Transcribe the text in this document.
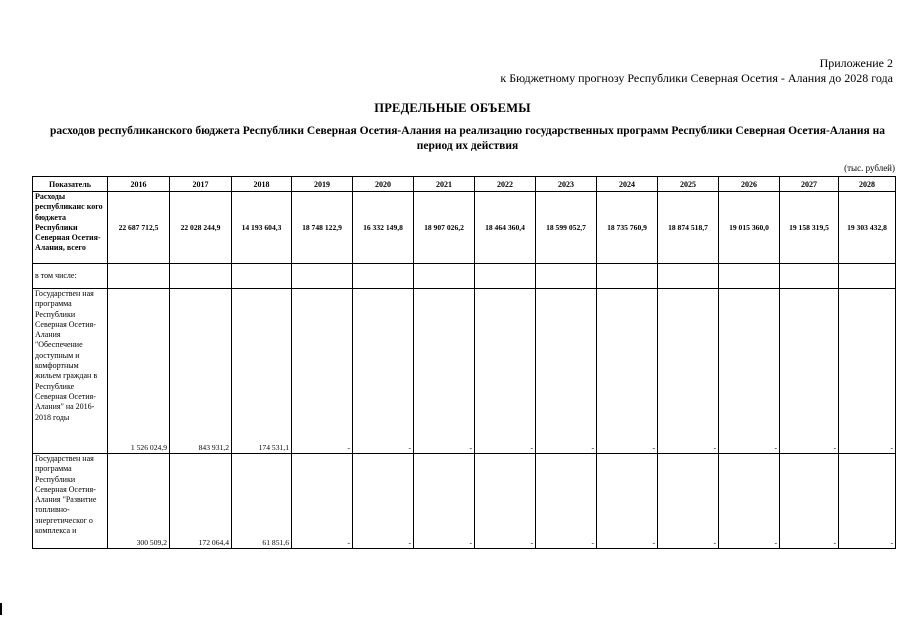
Приложение 2
к Бюджетному прогнозу Республики Северная Осетия - Алания до 2028 года
ПРЕДЕЛЬНЫЕ ОБЪЕМЫ
расходов республиканского бюджета Республики Северная Осетия-Алания на реализацию государственных программ Республики Северная Осетия-Алания на период их действия
(тыс. рублей)
Показатель	2016	2017	2018	2019	2020	2021	2022	2023	2024	2025	2026	2027	2028
Расходы республиканс кого бюджета Республики Северная Осетия-Алания, всего	22 687 712,5	22 028 244,9	14 193 604,3	18 748 122,9	16 332 149,8	18 907 026,2	18 464 360,4	18 599 052,7	18 735 760,9	18 874 518,7	19 015 360,0	19 158 319,5	19 303 432,8
в том числе:													
Государствен ная программа Республики Северная Осетия-Алания "Обеспечение доступным и комфортным жильем граждан в Республике Северная Осетия-Алания" на 2016-2018 годы	1 526 024,9	843 931,2	174 531,1	-	-	-	-	-	-	-	-	-	-
Государствен ная программа Республики Северная Осетия-Алания "Развитие топливно-энергетическог о комплекса и	300 509,2	172 064,4	61 851,6	-	-	-	-	-	-	-	-	-	-
